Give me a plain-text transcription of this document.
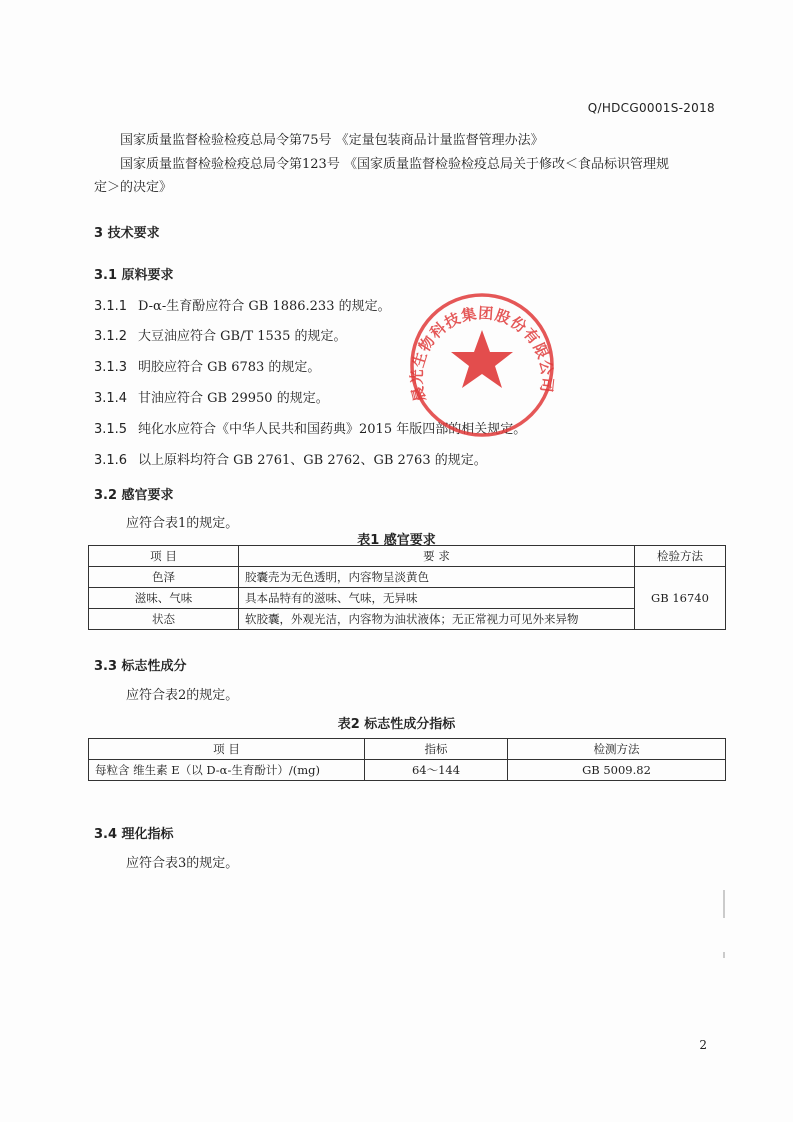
Q/HDCG0001S-2018
国家质量监督检验检疫总局令第75号 《定量包装商品计量监督管理办法》
国家质量监督检验检疫总局令第123号 《国家质量监督检验检疫总局关于修改＜食品标识管理规
定＞的决定》
3 技术要求
3.1 原料要求
3.1.1 D-α-生育酚应符合 GB 1886.233 的规定。
3.1.2 大豆油应符合 GB/T 1535 的规定。
3.1.3 明胶应符合 GB 6783 的规定。
3.1.4 甘油应符合 GB 29950 的规定。
3.1.5 纯化水应符合《中华人民共和国药典》2015 年版四部的相关规定。
3.1.6 以上原料均符合 GB 2761、GB 2762、GB 2763 的规定。
3.2 感官要求
应符合表1的规定。
表1 感官要求
项 目	要 求	检验方法
色泽	胶囊壳为无色透明，内容物呈淡黄色	GB 16740
滋味、气味	具本品特有的滋味、气味，无异味	
状态	软胶囊，外观光洁，内容物为油状液体；无正常视力可见外来异物	
3.3 标志性成分
应符合表2的规定。
表2 标志性成分指标
项 目	指标	检测方法
每粒含 维生素 E（以 D-α-生育酚计）/(mg)	64～144	GB 5009.82
3.4 理化指标
应符合表3的规定。
2
晨光生物科技集团股份有限公司
